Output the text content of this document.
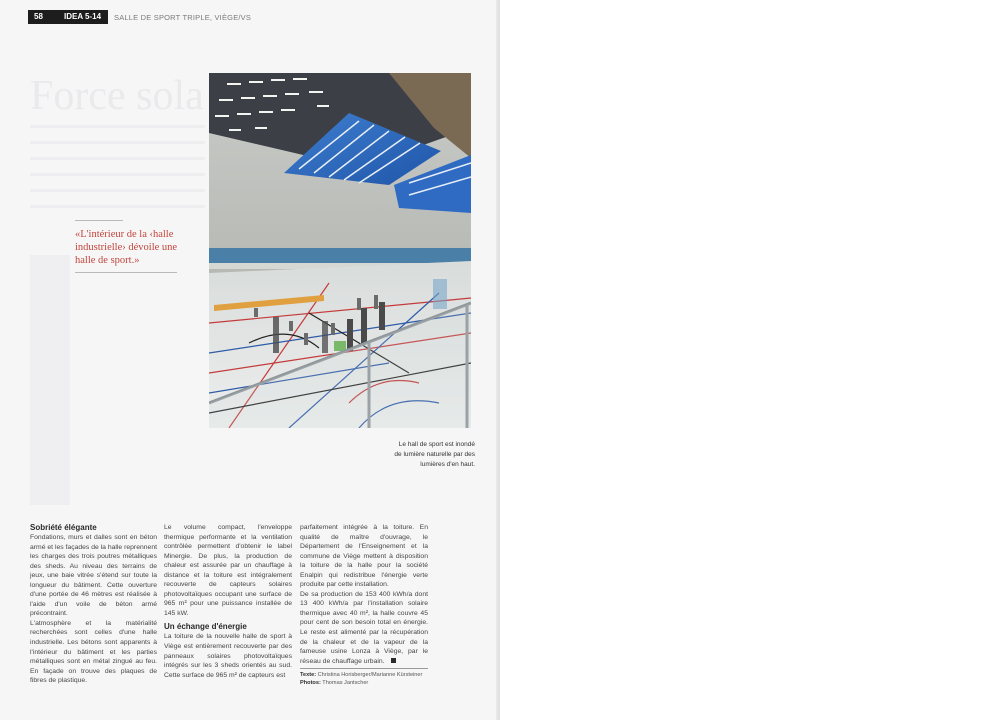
58	IDEA 5-14 SALLE DE SPORT TRIPLE, VIÈGE/VS
Force sola
«L'intérieur de la ‹halle industrielle› dévoile une halle de sport.»
Le hall de sport est inondé de lumière naturelle par des lumières d'en haut.

Sobriété élégante

Fondations, murs et dalles sont en béton armé et les façades de la halle reprennent les charges des trois poutres métalliques des sheds. Au niveau des terrains de jeux, une baie vitrée s'étend sur toute la longueur du bâtiment. Cette ouverture d'une portée de 46 mètres est réalisée à l'aide d'un voile de béton armé précontraint.

L'atmosphère et la matérialité recherchées sont celles d'une halle industrielle. Les bétons sont apparents à l'intérieur du bâtiment et les parties métalliques sont en métal zingué au feu. En façade on trouve des plaques de fibres de plastique.

Le volume compact, l'enveloppe thermique performante et la ventilation contrôlée permettent d'obtenir le label Minergie. De plus, la production de chaleur est assurée par un chauffage à distance et la toiture est intégralement recouverte de capteurs solaires photovoltaïques occupant une surface de 965 m² pour une puissance installée de 145 kW.

Un échange d'énergie

La toiture de la nouvelle halle de sport à Viège est entièrement recouverte par des panneaux solaires photovoltaïques intégrés sur les 3 sheds orientés au sud. Cette surface de 965 m² de capteurs est

parfaitement intégrée à la toiture. En qualité de maître d'ouvrage, le Département de l'Enseignement et la commune de Viège mettent à disposition la toiture de la halle pour la société Enalpin qui redistribue l'énergie verte produite par cette installation.

De sa production de 153 400 kWh/a dont 13 400 kWh/a par l'installation solaire thermique avec 40 m², la halle couvre 45 pour cent de son besoin total en énergie. Le reste est alimenté par la récupération de la chaleur et de la vapeur de la fameuse usine Lonza à Viège, par le réseau de chauffage urbain.

Texte: Christina Horisberger/Marianne Kürsteiner
Photos: Thomas Jantscher
